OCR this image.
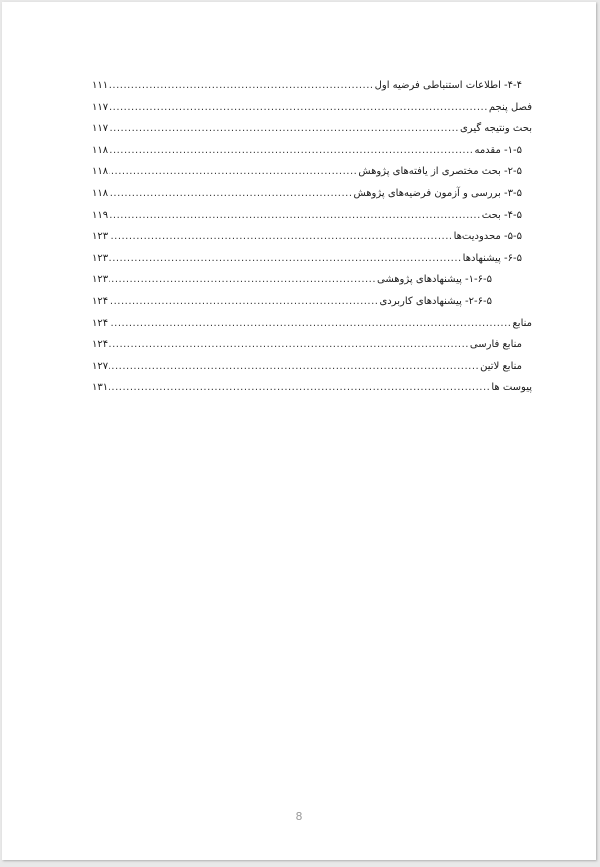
۴-۴- اطلاعات استنباطی فرضیه اول
.....
۱۱۱
فصل پنجم
.....
۱۱۷
بحث ونتیجه گیری
.....
۱۱۷
۱-۵- مقدمه
.....
۱۱۸
۲-۵- بحث مختصری از یافته‌های پژوهش
.....
۱۱۸
۳-۵- بررسی و آزمون فرضیه‌های پژوهش
.....
۱۱۸
۴-۵- بحث
.....
۱۱۹
۵-۵- محدودیت‌ها
.....
۱۲۳
۶-۵- پیشنهادها
.....
۱۲۳
۱-۶-۵- پیشنهادهای پژوهشی
.....
۱۲۳
۲-۶-۵- پیشنهادهای کاربردی
.....
۱۲۴
منابع
.....
۱۲۴
منابع فارسی
.....
۱۲۴
منابع لاتین
.....
۱۲۷
پیوست ها
.....
۱۳۱
8
